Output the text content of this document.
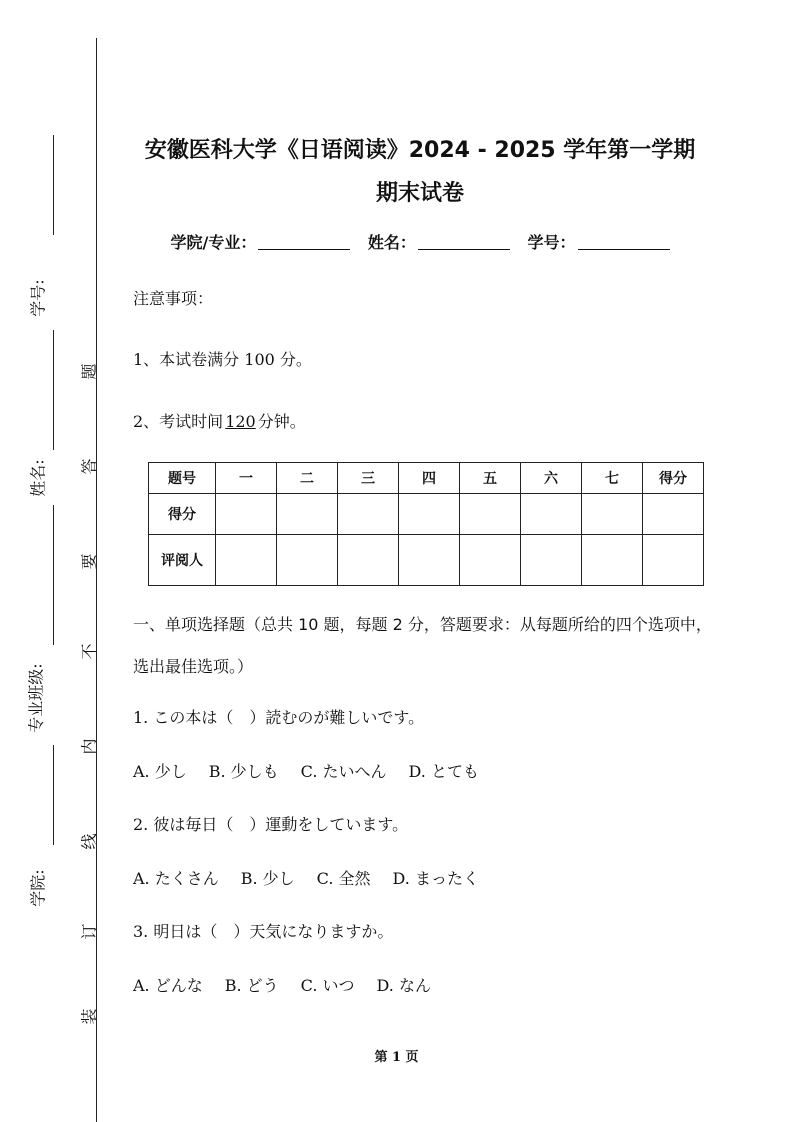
学号:
姓名:
专业班级:
学院:
题
答
要
不
内
线
订
装
安徽医科大学《日语阅读》2024 - 2025 学年第一学期
期末试卷
学院/专业：	姓名：	学号：
注意事项：
1、本试卷满分 100 分。
2、考试时间 120 分钟。
题号	一	二	三	四	五	六	七	得分
得分								
评阅人								
一、单项选择题（总共 10 题，每题 2 分，答题要求：从每题所给的四个选项中，选出最佳选项。）
1. この本は（　）読むのが難しいです。
A. 少し B. 少しも C. たいへん D. とても
2. 彼は毎日（　）運動をしています。
A. たくさん B. 少し C. 全然 D. まったく
3. 明日は（　）天気になりますか。
A. どんな B. どう C. いつ D. なん
第 1 页
